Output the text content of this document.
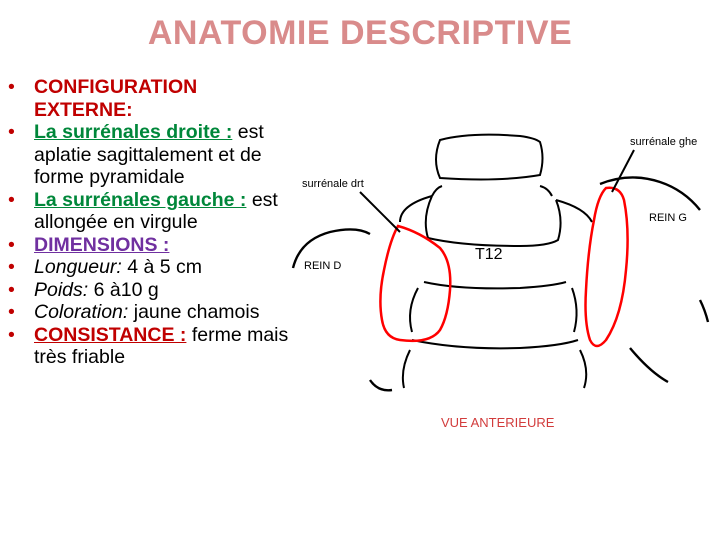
ANATOMIE DESCRIPTIVE
• CONFIGURATION EXTERNE:
• La surrénales droite : est aplatie sagittalement et de forme pyramidale
• La surrénales gauche : est allongée en virgule
• DIMENSIONS :
• Longueur: 4 à 5 cm
• Poids: 6 à10 g
• Coloration: jaune chamois
• CONSISTANCE : ferme mais très friable
surrénale ghe
surrénale drt
REIN G
REIN D
T12
VUE ANTERIEURE
